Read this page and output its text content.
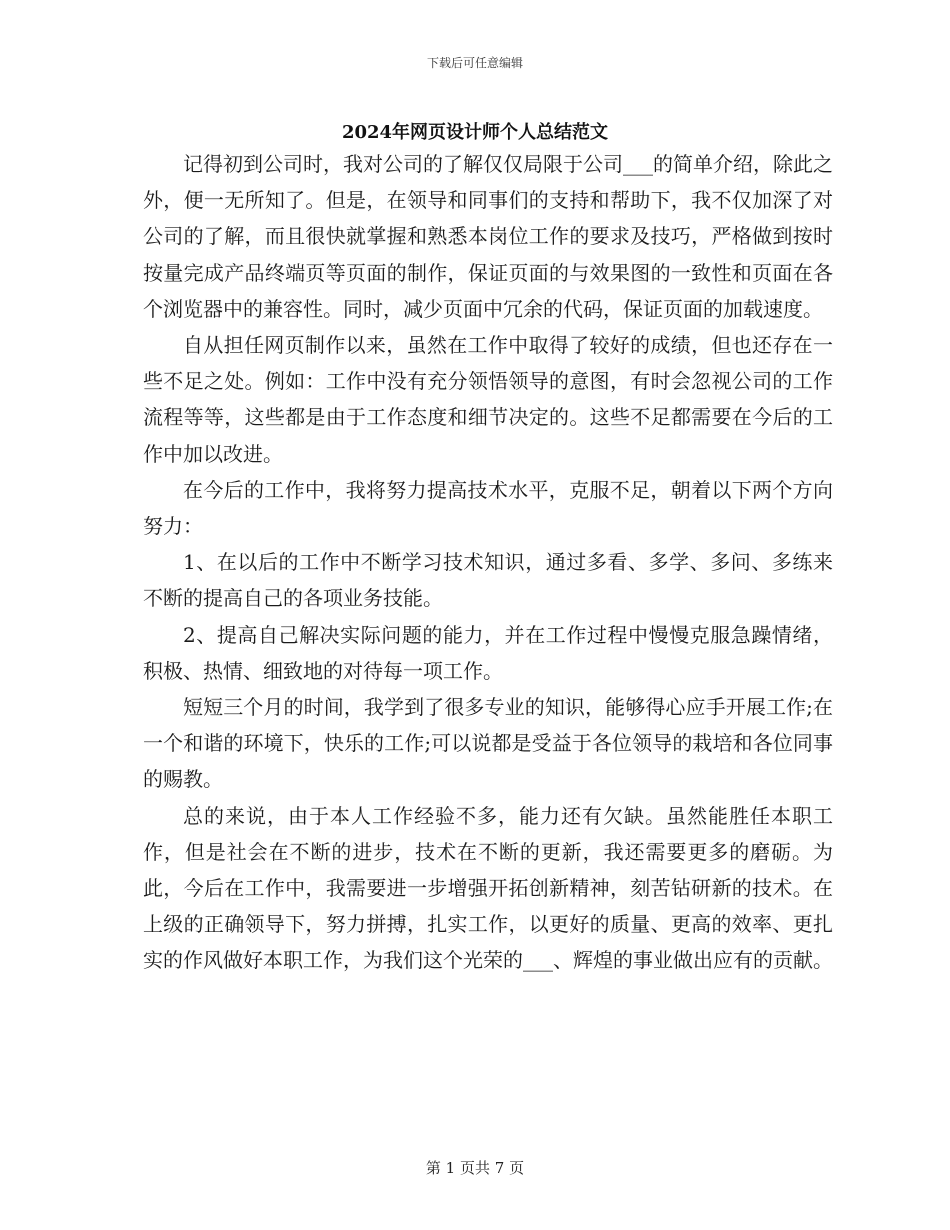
下载后可任意编辑
2024年网页设计师个人总结范文

记得初到公司时，我对公司的了解仅仅局限于公司___的简单介绍，除此之外，便一无所知了。但是，在领导和同事们的支持和帮助下，我不仅加深了对公司的了解，而且很快就掌握和熟悉本岗位工作的要求及技巧，严格做到按时按量完成产品终端页等页面的制作，保证页面的与效果图的一致性和页面在各个浏览器中的兼容性。同时，减少页面中冗余的代码，保证页面的加载速度。

自从担任网页制作以来，虽然在工作中取得了较好的成绩，但也还存在一些不足之处。例如：工作中没有充分领悟领导的意图，有时会忽视公司的工作流程等等，这些都是由于工作态度和细节决定的。这些不足都需要在今后的工作中加以改进。

在今后的工作中，我将努力提高技术水平，克服不足，朝着以下两个方向努力：

1、在以后的工作中不断学习技术知识，通过多看、多学、多问、多练来不断的提高自己的各项业务技能。

2、提高自己解决实际问题的能力，并在工作过程中慢慢克服急躁情绪，积极、热情、细致地的对待每一项工作。

短短三个月的时间，我学到了很多专业的知识，能够得心应手开展工作;在一个和谐的环境下，快乐的工作;可以说都是受益于各位领导的栽培和各位同事的赐教。

总的来说，由于本人工作经验不多，能力还有欠缺。虽然能胜任本职工作，但是社会在不断的进步，技术在不断的更新，我还需要更多的磨砺。为此，今后在工作中，我需要进一步增强开拓创新精神，刻苦钻研新的技术。在上级的正确领导下，努力拼搏，扎实工作，以更好的质量、更高的效率、更扎实的作风做好本职工作，为我们这个光荣的___、辉煌的事业做出应有的贡献。

第 1 页共 7 页
